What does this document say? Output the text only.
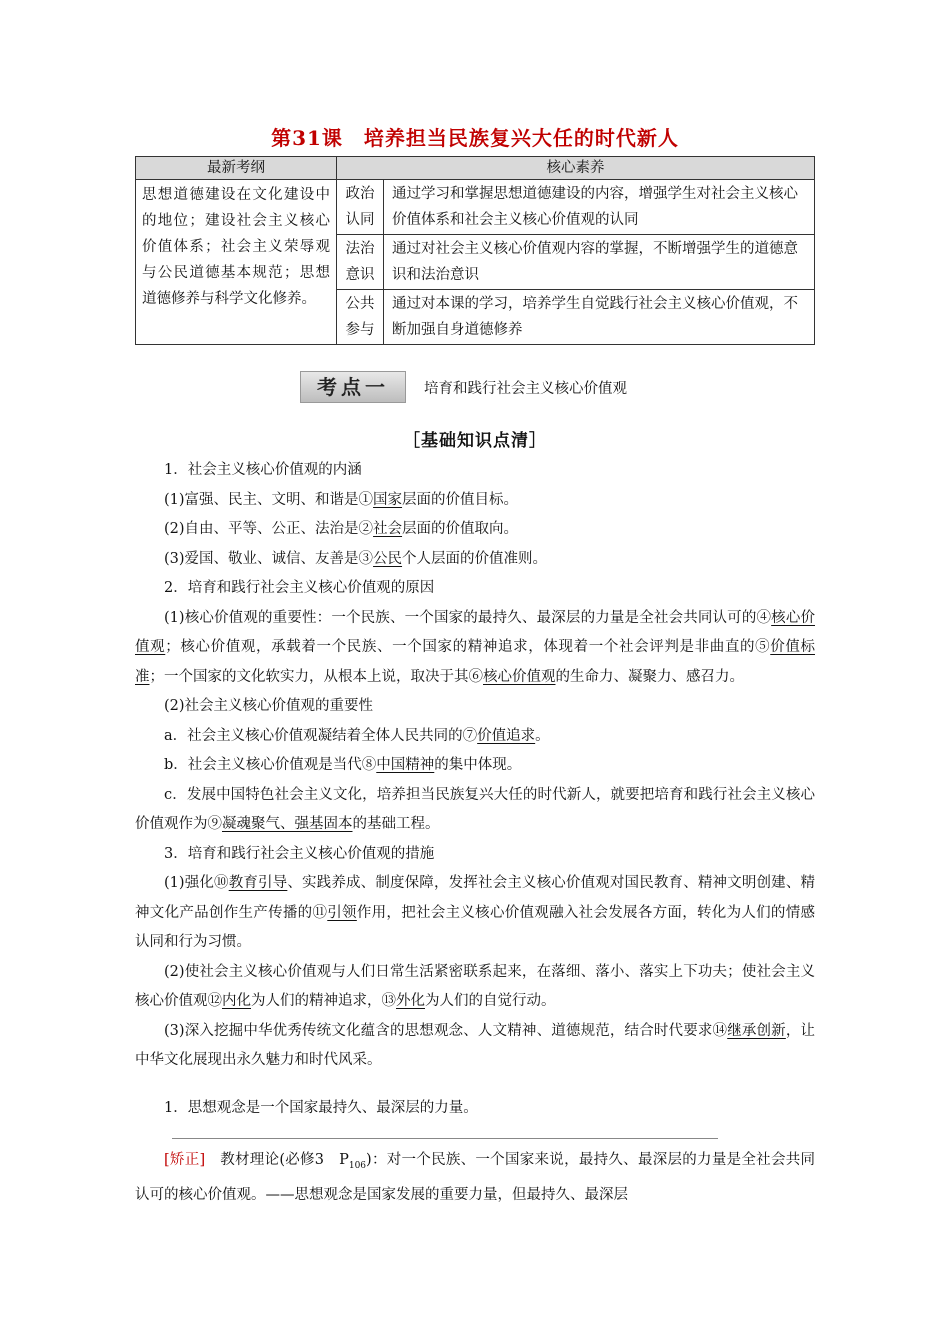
第31课　培养担当民族复兴大任的时代新人
最新考纲	核心素养	
思想道德建设在文化建设中的地位；建设社会主义核心价值体系；社会主义荣辱观与公民道德基本规范；思想道德修养与科学文化修养。	政治认同	通过学习和掌握思想道德建设的内容，增强学生对社会主义核心价值体系和社会主义核心价值观的认同
	法治意识	通过对社会主义核心价值观内容的掌握，不断增强学生的道德意识和法治意识
	公共参与	通过对本课的学习，培养学生自觉践行社会主义核心价值观，不断加强自身道德修养
考点一	培育和践行社会主义核心价值观
［基础知识点清］

1．社会主义核心价值观的内涵

(1)富强、民主、文明、和谐是①国家层面的价值目标。

(2)自由、平等、公正、法治是②社会层面的价值取向。

(3)爱国、敬业、诚信、友善是③公民个人层面的价值准则。

2．培育和践行社会主义核心价值观的原因

(1)核心价值观的重要性：一个民族、一个国家的最持久、最深层的力量是全社会共同认可的④核心价值观；核心价值观，承载着一个民族、一个国家的精神追求，体现着一个社会评判是非曲直的⑤价值标准；一个国家的文化软实力，从根本上说，取决于其⑥核心价值观的生命力、凝聚力、感召力。

(2)社会主义核心价值观的重要性

a．社会主义核心价值观凝结着全体人民共同的⑦价值追求。

b．社会主义核心价值观是当代⑧中国精神的集中体现。

c．发展中国特色社会主义文化，培养担当民族复兴大任的时代新人，就要把培育和践行社会主义核心价值观作为⑨凝魂聚气、强基固本的基础工程。

3．培育和践行社会主义核心价值观的措施

(1)强化⑩教育引导、实践养成、制度保障，发挥社会主义核心价值观对国民教育、精神文明创建、精神文化产品创作生产传播的⑪引领作用，把社会主义核心价值观融入社会发展各方面，转化为人们的情感认同和行为习惯。

(2)使社会主义核心价值观与人们日常生活紧密联系起来，在落细、落小、落实上下功夫；使社会主义核心价值观⑫内化为人们的精神追求，⑬外化为人们的自觉行动。

(3)深入挖掘中华优秀传统文化蕴含的思想观念、人文精神、道德规范，结合时代要求⑭继承创新，让中华文化展现出永久魅力和时代风采。

1．思想观念是一个国家最持久、最深层的力量。
[矫正]　教材理论(必修3　$P_{106}$)：对一个民族、一个国家来说，最持久、最深层的力量是全社会共同认可的核心价值观。——思想观念是国家发展的重要力量，但最持久、最深层
